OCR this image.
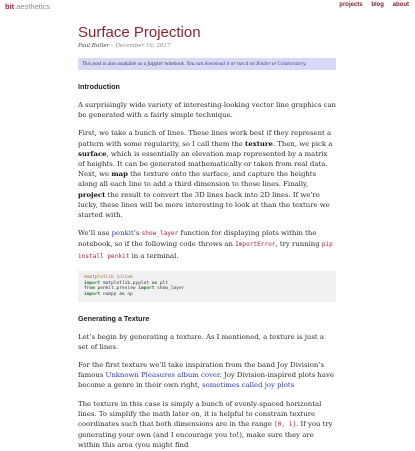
bit aesthetics	projects blog about
Surface Projection
Paul Butler – December 16, 2017
This post is also available as a Jupyter notebook. You can download it or run it on Binder or Colaboratory.
Introduction

A surprisingly wide variety of interesting-looking vector line graphics can be generated with a fairly simple technique.

First, we take a bunch of lines. These lines work best if they represent a pattern with some regularity, so I call them the texture. Then, we pick a surface, which is essentially an elevation map represented by a matrix of heights. It can be generated mathematically or taken from real data. Next, we map the texture onto the surface, and capture the heights along all each line to add a third dimension to those lines. Finally, project the result to convert the 3D lines back into 2D lines. If we’re lucky, these lines will be more interesting to look at than the texture we started with.

We’ll use penkit’s show_layer function for displaying plots within the notebook, so if the following code throws an ImportError, try running pip install penkit in a terminal.

%matplotlib inline
import matplotlib.pyplot as plt
from penkit.preview import show_layer
import numpy as np
Generating a Texture

Let’s begin by generating a texture. As I mentioned, a texture is just a set of lines.

For the first texture we’ll take inspiration from the band Joy Division’s famous Unknown Pleasures album cover. Joy Division-inspired plots have become a genre in their own right, sometimes called joy plots

The texture in this case is simply a bunch of evenly-spaced horizontal lines. To simplify the math later on, it is helpful to constrain texture coordinates such that both dimensions are in the range [0, 1]. If you try generating your own (and I encourage you to!), make sure they are within this area (you might find
